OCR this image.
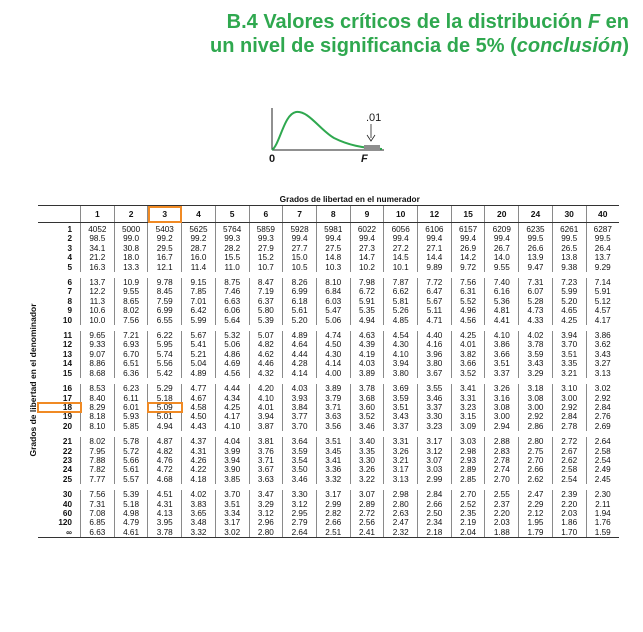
B.4 Valores críticos de la distribución F en
un nivel de significancia de 5% (conclusión)
.01
0	F
Grados de libertad en el denominador
	Grados de libertad en el numerador															
	1	2	3	4	5	6	7	8	9	10	12	15	20	24	30	40
1	4052	5000	5403	5625	5764	5859	5928	5981	6022	6056	6106	6157	6209	6235	6261	6287
2	98.5	99.0	99.2	99.2	99.3	99.3	99.4	99.4	99.4	99.4	99.4	99.4	99.4	99.5	99.5	99.5
3	34.1	30.8	29.5	28.7	28.2	27.9	27.7	27.5	27.3	27.2	27.1	26.9	26.7	26.6	26.5	26.4
4	21.2	18.0	16.7	16.0	15.5	15.2	15.0	14.8	14.7	14.5	14.4	14.2	14.0	13.9	13.8	13.7
5	16.3	13.3	12.1	11.4	11.0	10.7	10.5	10.3	10.2	10.1	9.89	9.72	9.55	9.47	9.38	9.29

6	13.7	10.9	9.78	9.15	8.75	8.47	8.26	8.10	7.98	7.87	7.72	7.56	7.40	7.31	7.23	7.14
7	12.2	9.55	8.45	7.85	7.46	7.19	6.99	6.84	6.72	6.62	6.47	6.31	6.16	6.07	5.99	5.91
8	11.3	8.65	7.59	7.01	6.63	6.37	6.18	6.03	5.91	5.81	5.67	5.52	5.36	5.28	5.20	5.12
9	10.6	8.02	6.99	6.42	6.06	5.80	5.61	5.47	5.35	5.26	5.11	4.96	4.81	4.73	4.65	4.57
10	10.0	7.56	6.55	5.99	5.64	5.39	5.20	5.06	4.94	4.85	4.71	4.56	4.41	4.33	4.25	4.17

11	9.65	7.21	6.22	5.67	5.32	5.07	4.89	4.74	4.63	4.54	4.40	4.25	4.10	4.02	3.94	3.86
12	9.33	6.93	5.95	5.41	5.06	4.82	4.64	4.50	4.39	4.30	4.16	4.01	3.86	3.78	3.70	3.62
13	9.07	6.70	5.74	5.21	4.86	4.62	4.44	4.30	4.19	4.10	3.96	3.82	3.66	3.59	3.51	3.43
14	8.86	6.51	5.56	5.04	4.69	4.46	4.28	4.14	4.03	3.94	3.80	3.66	3.51	3.43	3.35	3.27
15	8.68	6.36	5.42	4.89	4.56	4.32	4.14	4.00	3.89	3.80	3.67	3.52	3.37	3.29	3.21	3.13

16	8.53	6.23	5.29	4.77	4.44	4.20	4.03	3.89	3.78	3.69	3.55	3.41	3.26	3.18	3.10	3.02
17	8.40	6.11	5.18	4.67	4.34	4.10	3.93	3.79	3.68	3.59	3.46	3.31	3.16	3.08	3.00	2.92
18	8.29	6.01	5.09	4.58	4.25	4.01	3.84	3.71	3.60	3.51	3.37	3.23	3.08	3.00	2.92	2.84
19	8.18	5.93	5.01	4.50	4.17	3.94	3.77	3.63	3.52	3.43	3.30	3.15	3.00	2.92	2.84	2.76
20	8.10	5.85	4.94	4.43	4.10	3.87	3.70	3.56	3.46	3.37	3.23	3.09	2.94	2.86	2.78	2.69

21	8.02	5.78	4.87	4.37	4.04	3.81	3.64	3.51	3.40	3.31	3.17	3.03	2.88	2.80	2.72	2.64
22	7.95	5.72	4.82	4.31	3.99	3.76	3.59	3.45	3.35	3.26	3.12	2.98	2.83	2.75	2.67	2.58
23	7.88	5.66	4.76	4.26	3.94	3.71	3.54	3.41	3.30	3.21	3.07	2.93	2.78	2.70	2.62	2.54
24	7.82	5.61	4.72	4.22	3.90	3.67	3.50	3.36	3.26	3.17	3.03	2.89	2.74	2.66	2.58	2.49
25	7.77	5.57	4.68	4.18	3.85	3.63	3.46	3.32	3.22	3.13	2.99	2.85	2.70	2.62	2.54	2.45

30	7.56	5.39	4.51	4.02	3.70	3.47	3.30	3.17	3.07	2.98	2.84	2.70	2.55	2.47	2.39	2.30
40	7.31	5.18	4.31	3.83	3.51	3.29	3.12	2.99	2.89	2.80	2.66	2.52	2.37	2.29	2.20	2.11
60	7.08	4.98	4.13	3.65	3.34	3.12	2.95	2.82	2.72	2.63	2.50	2.35	2.20	2.12	2.03	1.94
120	6.85	4.79	3.95	3.48	3.17	2.96	2.79	2.66	2.56	2.47	2.34	2.19	2.03	1.95	1.86	1.76
∞	6.63	4.61	3.78	3.32	3.02	2.80	2.64	2.51	2.41	2.32	2.18	2.04	1.88	1.79	1.70	1.59
